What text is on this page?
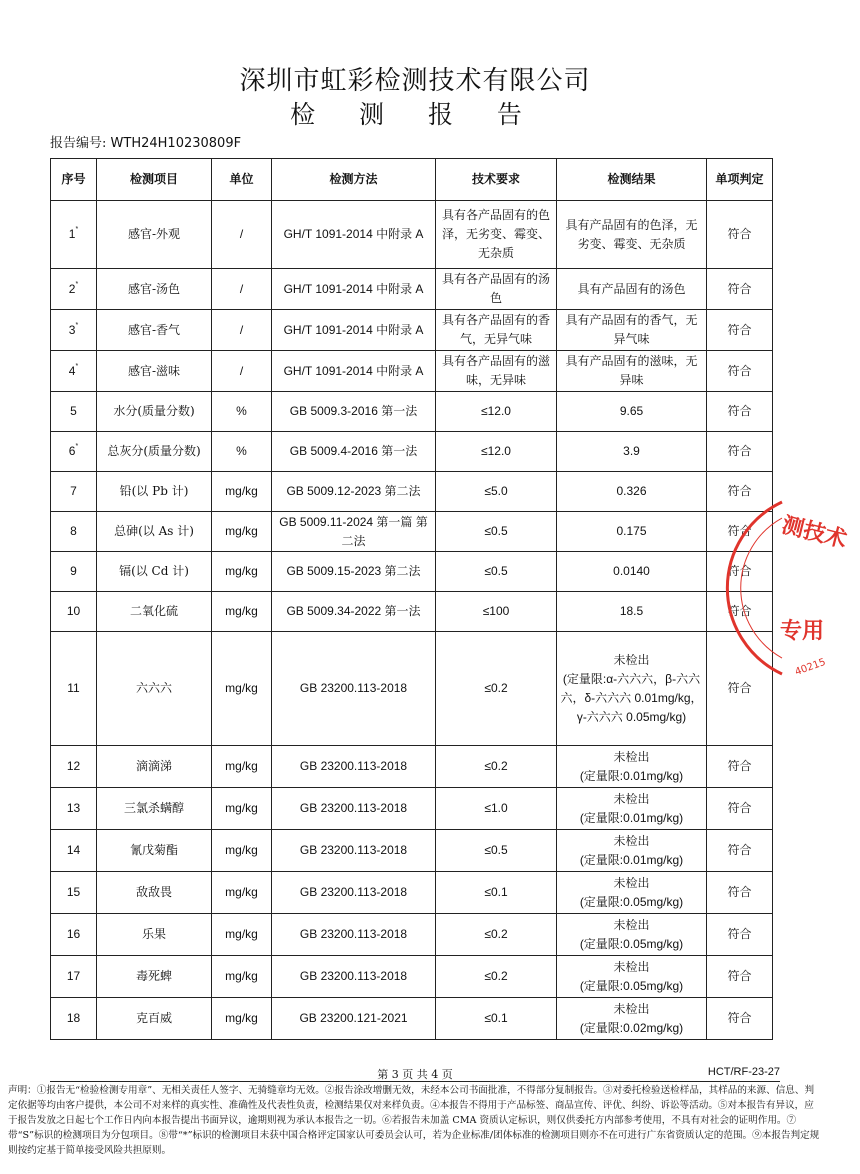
深圳市虹彩检测技术有限公司
检 测 报 告
报告编号: WTH24H10230809F
序号	检测项目	单位	检测方法	技术要求	检测结果	单项判定
1*	感官-外观	/	GH/T 1091-2014 中附录 A	具有各产品固有的色泽，无劣变、霉变、无杂质	具有产品固有的色泽，无劣变、霉变、无杂质	符合
2*	感官-汤色	/	GH/T 1091-2014 中附录 A	具有各产品固有的汤色	具有产品固有的汤色	符合
3*	感官-香气	/	GH/T 1091-2014 中附录 A	具有各产品固有的香气，无异气味	具有产品固有的香气，无异气味	符合
4*	感官-滋味	/	GH/T 1091-2014 中附录 A	具有各产品固有的滋味，无异味	具有产品固有的滋味，无异味	符合
5	水分(质量分数)	%	GB 5009.3-2016 第一法	≤12.0	9.65	符合
6*	总灰分(质量分数)	%	GB 5009.4-2016 第一法	≤12.0	3.9	符合
7	铅(以 Pb 计)	mg/kg	GB 5009.12-2023 第二法	≤5.0	0.326	符合
8	总砷(以 As 计)	mg/kg	GB 5009.11-2024 第一篇 第二法	≤0.5	0.175	符合
9	镉(以 Cd 计)	mg/kg	GB 5009.15-2023 第二法	≤0.5	0.0140	符合
10	二氧化硫	mg/kg	GB 5009.34-2022 第一法	≤100	18.5	符合
11	六六六	mg/kg	GB 23200.113-2018	≤0.2	未检出
(定量限:α-六六六，β-六六六，δ-六六六 0.01mg/kg，γ-六六六 0.05mg/kg)	符合
12	滴滴涕	mg/kg	GB 23200.113-2018	≤0.2	未检出
(定量限:0.01mg/kg)	符合
13	三氯杀螨醇	mg/kg	GB 23200.113-2018	≤1.0	未检出
(定量限:0.01mg/kg)	符合
14	氰戊菊酯	mg/kg	GB 23200.113-2018	≤0.5	未检出
(定量限:0.01mg/kg)	符合
15	敌敌畏	mg/kg	GB 23200.113-2018	≤0.1	未检出
(定量限:0.05mg/kg)	符合
16	乐果	mg/kg	GB 23200.113-2018	≤0.2	未检出
(定量限:0.05mg/kg)	符合
17	毒死蜱	mg/kg	GB 23200.113-2018	≤0.2	未检出
(定量限:0.05mg/kg)	符合
18	克百威	mg/kg	GB 23200.121-2021	≤0.1	未检出
(定量限:0.02mg/kg)	符合
第 3 页 共 4 页	HCT/RF-23-27
声明：①报告无“检验检测专用章”、无相关责任人签字、无骑缝章均无效。②报告涂改增删无效，未经本公司书面批准，不得部分复制报告。③对委托检验送检样品，其样品的来源、信息、判定依据等均由客户提供，本公司不对来样的真实性、准确性及代表性负责，检测结果仅对来样负责。④本报告不得用于产品标签、商品宣传、评优、纠纷、诉讼等活动。⑤对本报告有异议，应于报告发放之日起七个工作日内向本报告提出书面异议，逾期则视为承认本报告之一切。⑥若报告未加盖 CMA 资质认定标识，则仅供委托方内部参考使用，不具有对社会的证明作用。⑦带“S”标识的检测项目为分包项目。⑧带“*”标识的检测项目未获中国合格评定国家认可委员会认可，若为企业标准/团体标准的检测项目则亦不在可进行广东省资质认定的范围。⑨本报告判定规则按约定基于简单接受风险共担原则。
测技术
专用
40215
